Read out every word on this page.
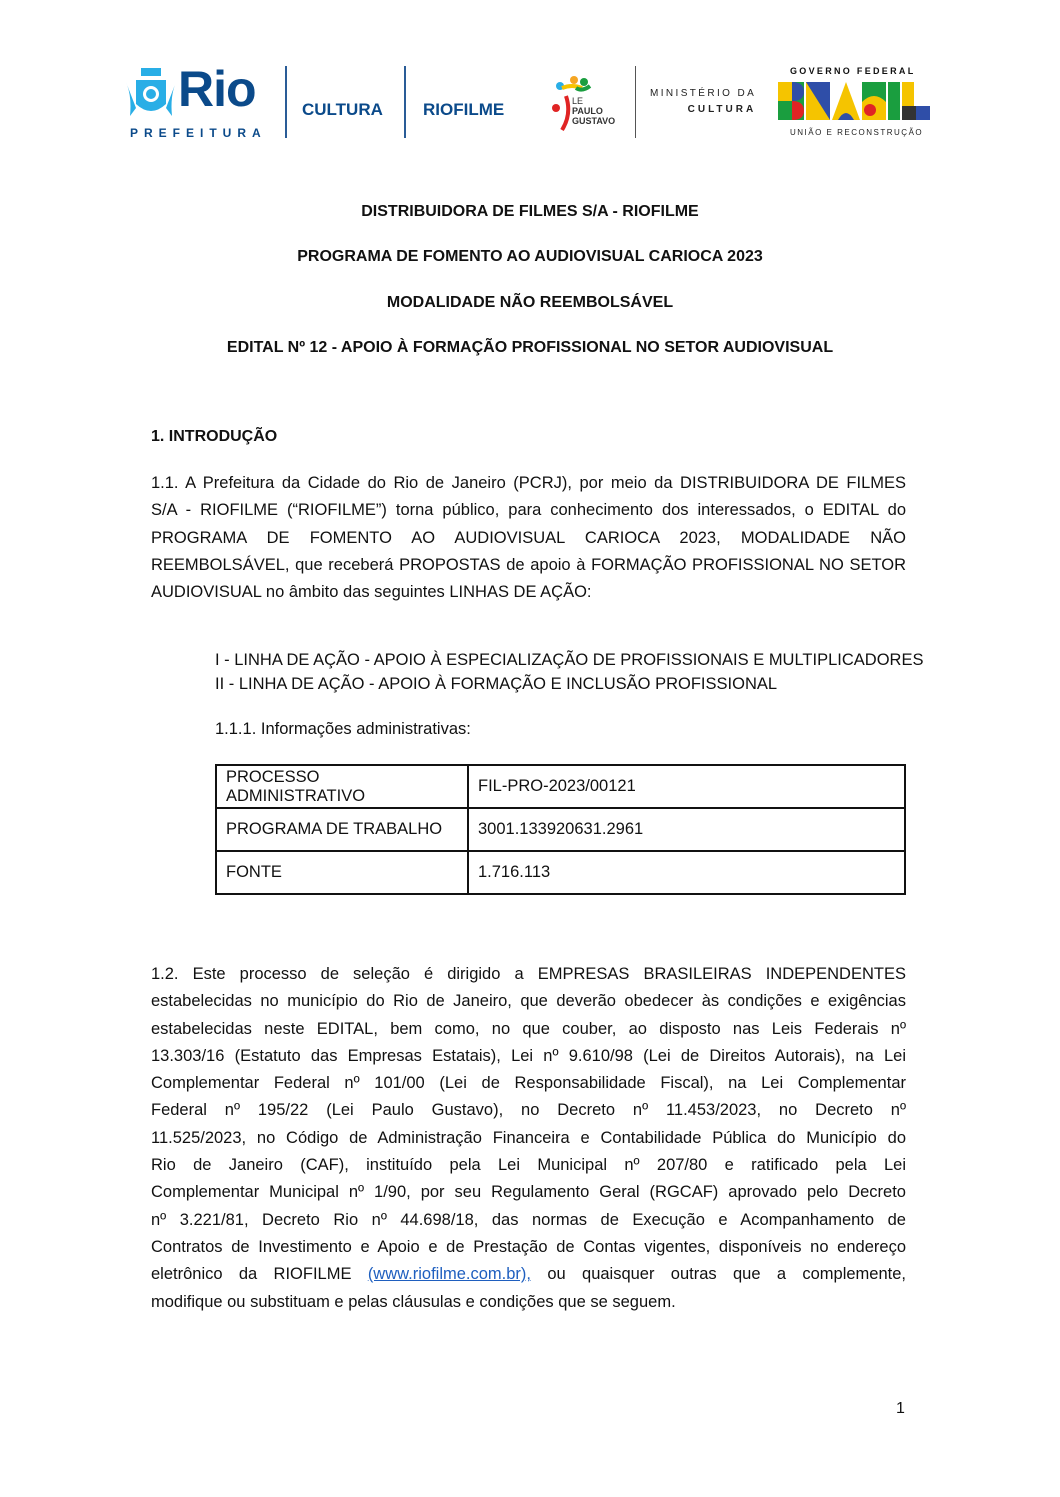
Rio
PREFEITURA
CULTURA RIOFILME	LE
PAULO
GUSTAVO
MINISTÉRIO DA
CULTURA
GOVERNO FEDERAL
UNIÃO E RECONSTRUÇÃO
DISTRIBUIDORA DE FILMES S/A - RIOFILME
PROGRAMA DE FOMENTO AO AUDIOVISUAL CARIOCA 2023
MODALIDADE NÃO REEMBOLSÁVEL
EDITAL Nº 12 - APOIO À FORMAÇÃO PROFISSIONAL NO SETOR AUDIOVISUAL
1. INTRODUÇÃO
1.1. A Prefeitura da Cidade do Rio de Janeiro (PCRJ), por meio da DISTRIBUIDORA DE FILMES
S/A - RIOFILME (“RIOFILME”) torna público, para conhecimento dos interessados, o EDITAL do
PROGRAMA DE FOMENTO AO AUDIOVISUAL CARIOCA 2023, MODALIDADE NÃO
REEMBOLSÁVEL, que receberá PROPOSTAS de apoio à FORMAÇÃO PROFISSIONAL NO SETOR
AUDIOVISUAL no âmbito das seguintes LINHAS DE AÇÃO:
I - LINHA DE AÇÃO - APOIO À ESPECIALIZAÇÃO DE PROFISSIONAIS E MULTIPLICADORES
II - LINHA DE AÇÃO - APOIO À FORMAÇÃO E INCLUSÃO PROFISSIONAL
1.1.1. Informações administrativas:
PROCESSO ADMINISTRATIVO	FIL-PRO-2023/00121
PROGRAMA DE TRABALHO	3001.133920631.2961
FONTE	1.716.113
1.2. Este processo de seleção é dirigido a EMPRESAS BRASILEIRAS INDEPENDENTES
estabelecidas no município do Rio de Janeiro, que deverão obedecer às condições e exigências
estabelecidas neste EDITAL, bem como, no que couber, ao disposto nas Leis Federais nº
13.303/16 (Estatuto das Empresas Estatais), Lei nº 9.610/98 (Lei de Direitos Autorais), na Lei
Complementar Federal nº 101/00 (Lei de Responsabilidade Fiscal), na Lei Complementar
Federal nº 195/22 (Lei Paulo Gustavo), no Decreto nº 11.453/2023, no Decreto nº
11.525/2023, no Código de Administração Financeira e Contabilidade Pública do Município do
Rio de Janeiro (CAF), instituído pela Lei Municipal nº 207/80 e ratificado pela Lei
Complementar Municipal nº 1/90, por seu Regulamento Geral (RGCAF) aprovado pelo Decreto
nº 3.221/81, Decreto Rio nº 44.698/18, das normas de Execução e Acompanhamento de
Contratos de Investimento e Apoio e de Prestação de Contas vigentes, disponíveis no endereço
eletrônico da RIOFILME (www.riofilme.com.br), ou quaisquer outras que a complemente,
modifique ou substituam e pelas cláusulas e condições que se seguem.
1
